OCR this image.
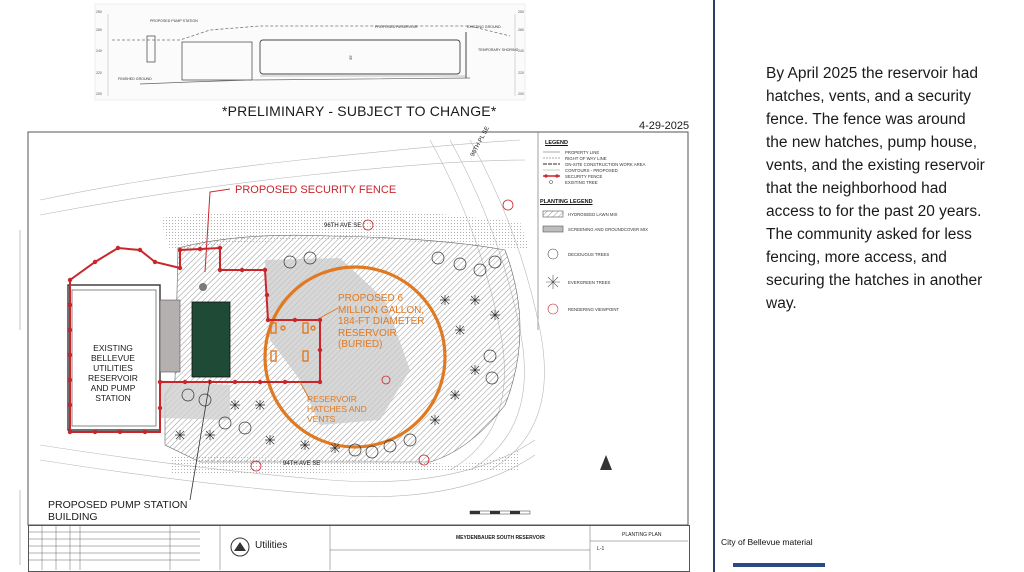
250
260
240
220
200
250
260
240
220
200
35'
PROPOSED PUMP STATION
PROPOSED RESERVOIR	EXISTING GROUND
TEMPORARY SHORING
FINISHED GROUND
*PRELIMINARY - SUBJECT TO CHANGE*
4-29-2025
PROPOSED SECURITY FENCE
EXISTING BELLEVUE UTILITIES RESERVOIR AND PUMP STATION
PROPOSED 6 MILLION GALLON, 184-FT DIAMETER RESERVOIR (BURIED)
RESERVOIR HATCHES AND VENTS
PROPOSED PUMP STATION BUILDING
96TH AVE SE
94TH AVE SE
98TH PL SE	LEGEND
PROPERTY LINE
RIGHT OF WAY LINE
ON-SITE CONSTRUCTION WORK AREA
CONTOURS - PROPOSED
SECURITY FENCE
EXISTING TREE
PLANTING LEGEND
HYDROSEED LAWN MIX
SCREENING AND GROUNDCOVER MIX
DECIDUOUS TREES
EVERGREEN TREES
RENDERING VIEWPOINT
Utilities
MEYDENBAUER SOUTH RESERVOIR	PLANTING PLAN
L-1
By April 2025 the reservoir had hatches, vents, and a security fence. The fence was around the new hatches, pump house, vents, and the existing reservoir that the neighborhood had access to for the past 20 years. The community asked for less fencing, more access, and securing the hatches in another way.
City of Bellevue material
